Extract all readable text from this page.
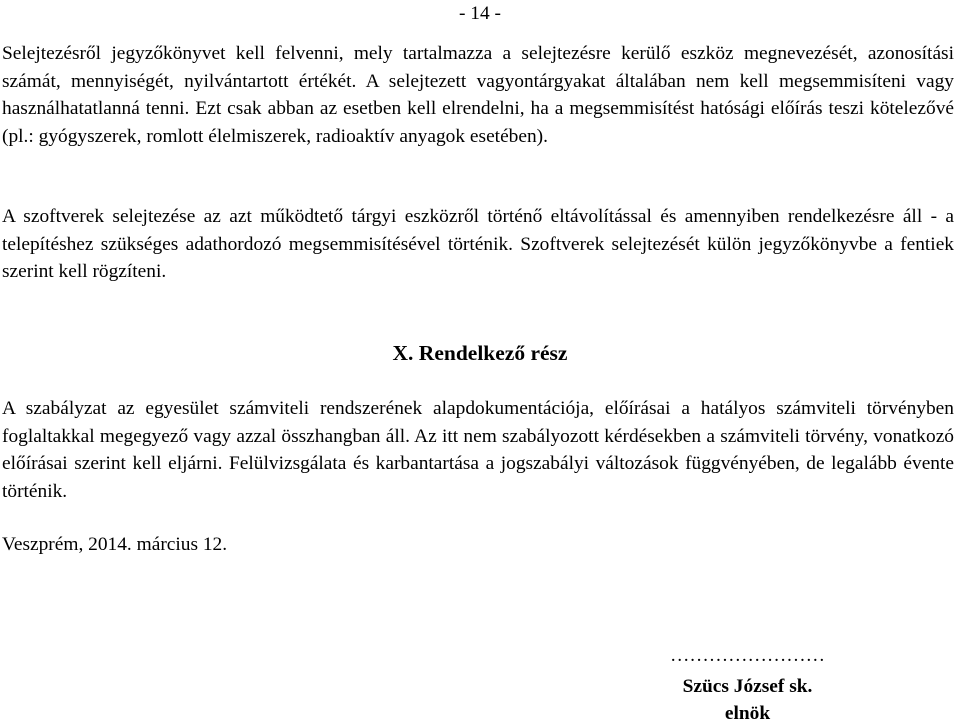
- 14 -

Selejtezésről jegyzőkönyvet kell felvenni, mely tartalmazza a selejtezésre kerülő eszköz megnevezését, azonosítási számát, mennyiségét, nyilvántartott értékét. A selejtezett vagyontárgyakat általában nem kell megsemmisíteni vagy használhatatlanná tenni. Ezt csak abban az esetben kell elrendelni, ha a megsemmisítést hatósági előírás teszi kötelezővé (pl.: gyógyszerek, romlott élelmiszerek, radioaktív anyagok esetében).

A szoftverek selejtezése az azt működtető tárgyi eszközről történő eltávolítással és amennyiben rendelkezésre áll - a telepítéshez szükséges adathordozó megsemmisítésével történik. Szoftverek selejtezését külön jegyzőkönyvbe a fentiek szerint kell rögzíteni.

X. Rendelkező rész

A szabályzat az egyesület számviteli rendszerének alapdokumentációja, előírásai a hatályos számviteli törvényben foglaltakkal megegyező vagy azzal összhangban áll. Az itt nem szabályozott kérdésekben a számviteli törvény, vonatkozó előírásai szerint kell eljárni. Felülvizsgálata és karbantartása a jogszabályi változások függvényében, de legalább évente történik.

Veszprém, 2014. március 12.
……………………
Szücs József sk.
elnök
